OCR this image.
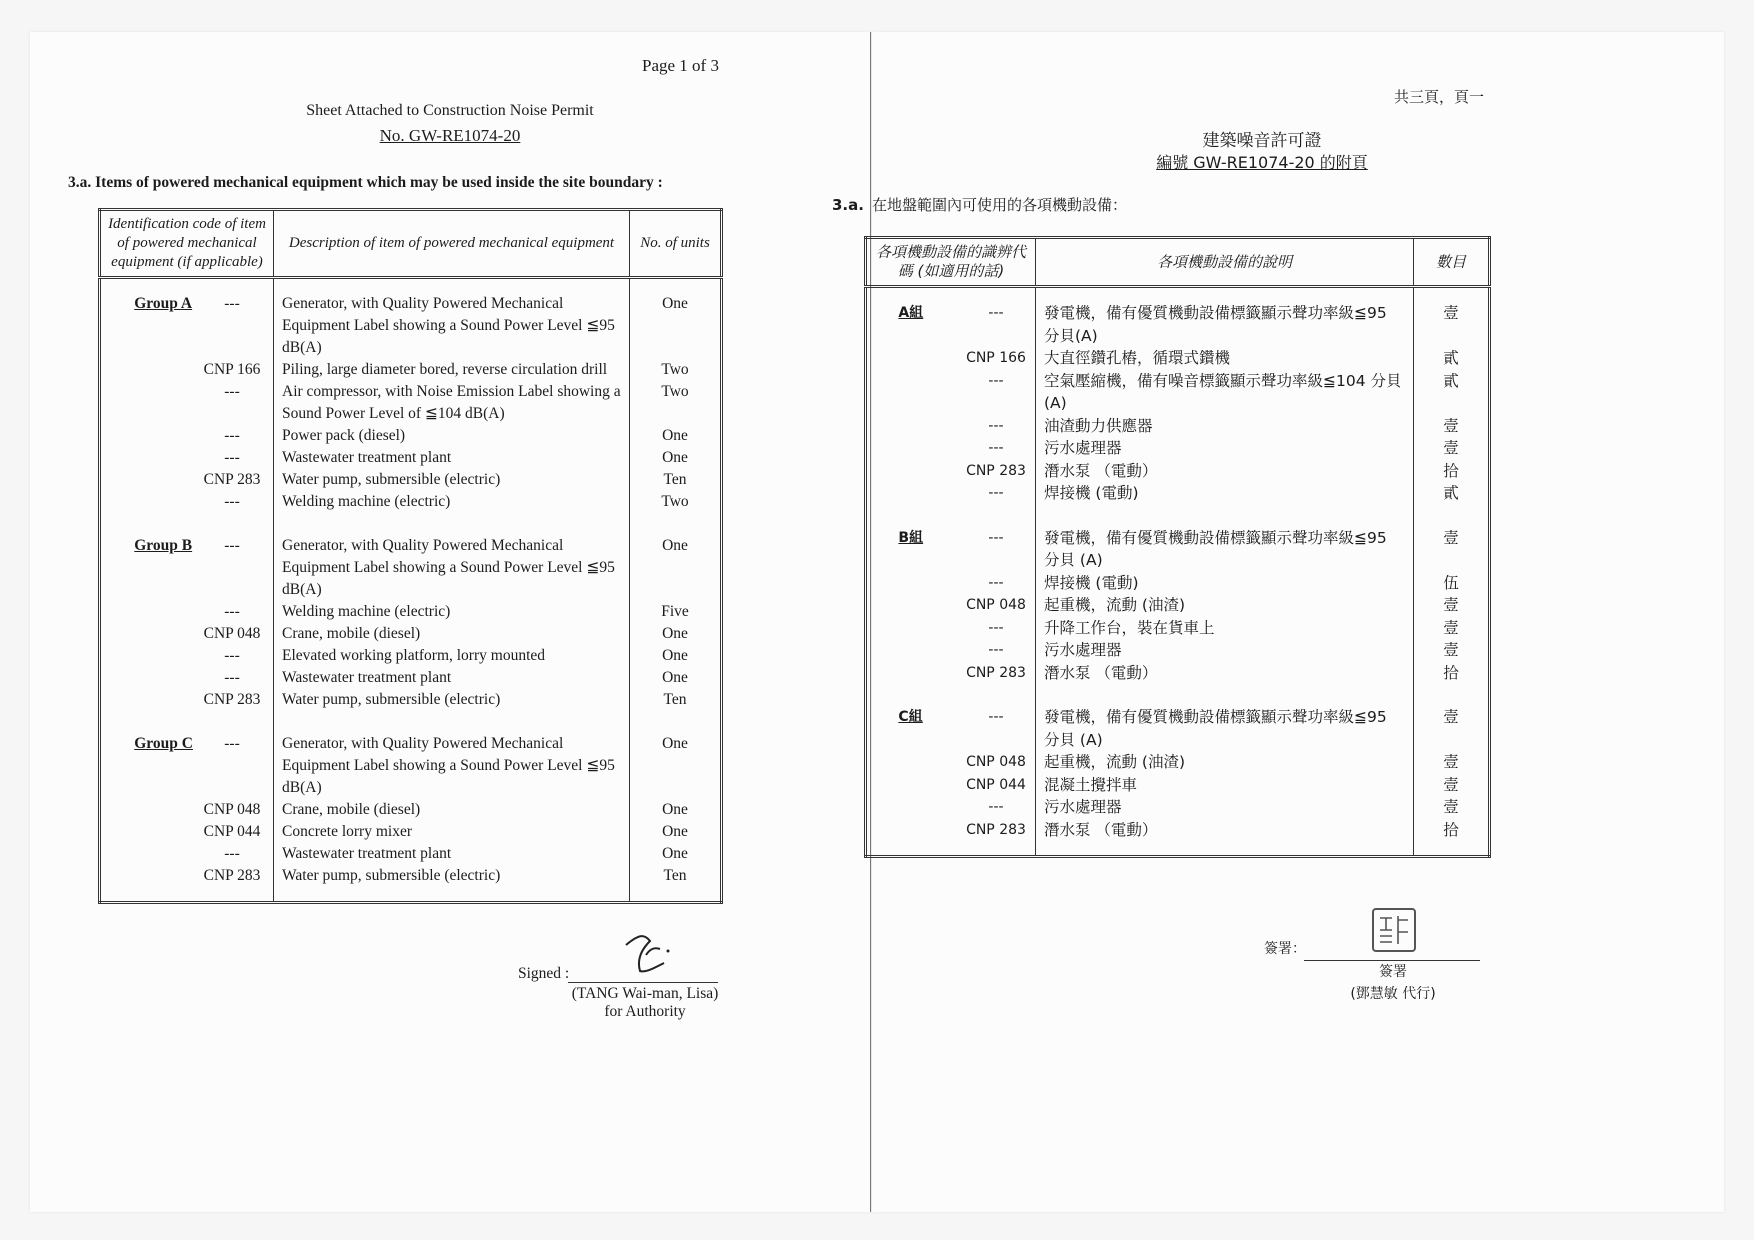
Page 1 of 3
Sheet Attached to Construction Noise Permit
No. GW-RE1074-20
3.a. Items of powered mechanical equipment which may be used inside the site boundary :
Identification code of item of powered mechanical equipment (if applicable)	Description of item of powered mechanical equipment	No. of units
Group A ---	Generator, with Quality Powered Mechanical Equipment Label showing a Sound Power Level ≦95 dB(A)	One
CNP 166	Piling, large diameter bored, reverse circulation drill	Two
---	Air compressor, with Noise Emission Label showing a Sound Power Level of ≦104 dB(A)	Two
---	Power pack (diesel)	One
---	Wastewater treatment plant	One
CNP 283	Water pump, submersible (electric)	Ten
---	Welding machine (electric)	Two
Group B ---	Generator, with Quality Powered Mechanical Equipment Label showing a Sound Power Level ≦95 dB(A)	One
---	Welding machine (electric)	Five
CNP 048	Crane, mobile (diesel)	One
---	Elevated working platform, lorry mounted	One
---	Wastewater treatment plant	One
CNP 283	Water pump, submersible (electric)	Ten
Group C ---	Generator, with Quality Powered Mechanical Equipment Label showing a Sound Power Level ≦95 dB(A)	One
CNP 048	Crane, mobile (diesel)	One
CNP 044	Concrete lorry mixer	One
---	Wastewater treatment plant	One
CNP 283	Water pump, submersible (electric)	Ten
Signed :
(TANG Wai-man, Lisa)
for Authority
共三頁，頁一
建築噪音許可證
編號 GW-RE1074-20 的附頁
3.a. 在地盤範圍內可使用的各項機動設備：
各項機動設備的識辨代碼 (如適用的話)	各項機動設備的說明	數目
A組 ---	發電機，備有優質機動設備標籤顯示聲功率級≦95 分貝(A)	壹
CNP 166	大直徑鑽孔樁，循環式鑽機	貳
---	空氣壓縮機，備有噪音標籤顯示聲功率級≦104 分貝(A)	貳
---	油渣動力供應器	壹
---	污水處理器	壹
CNP 283	潛水泵 （電動）	拾
---	焊接機 (電動)	貳
B組 ---	發電機，備有優質機動設備標籤顯示聲功率級≦95 分貝 (A)	壹
---	焊接機 (電動)	伍
CNP 048	起重機，流動 (油渣)	壹
---	升降工作台，裝在貨車上	壹
---	污水處理器	壹
CNP 283	潛水泵 （電動）	拾
C組 ---	發電機，備有優質機動設備標籤顯示聲功率級≦95 分貝 (A)	壹
CNP 048	起重機，流動 (油渣)	壹
CNP 044	混凝土攪拌車	壹
---	污水處理器	壹
CNP 283	潛水泵 （電動）	拾
簽署：
簽署
(鄧慧敏 代行)
